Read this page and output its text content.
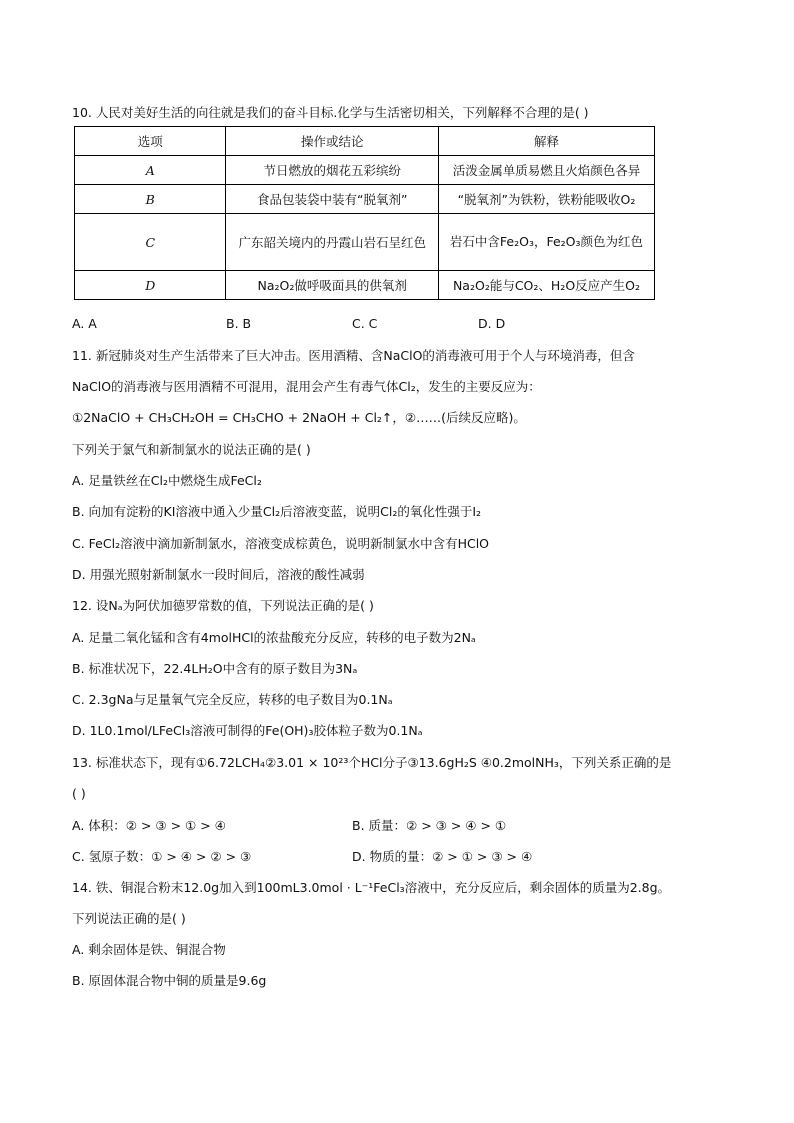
10. 人民对美好生活的向往就是我们的奋斗目标.化学与生活密切相关，下列解释不合理的是( )
选项	操作或结论	解释
A	节日燃放的烟花五彩缤纷	活泼金属单质易燃且火焰颜色各异
B	食品包装袋中装有“脱氧剂”	“脱氧剂”为铁粉，铁粉能吸收O₂
C	广东韶关境内的丹霞山岩石呈红色	岩石中含Fe₂O₃，Fe₂O₃颜色为红色
D	Na₂O₂做呼吸面具的供氧剂	Na₂O₂能与CO₂、H₂O反应产生O₂
A. A	B. B	C. C	D. D
11. 新冠肺炎对生产生活带来了巨大冲击。医用酒精、含NaClO的消毒液可用于个人与环境消毒，但含
NaClO的消毒液与医用酒精不可混用，混用会产生有毒气体Cl₂，发生的主要反应为：
①2NaClO + CH₃CH₂OH = CH₃CHO + 2NaOH + Cl₂↑，②……(后续反应略)。
下列关于氯气和新制氯水的说法正确的是( )
A. 足量铁丝在Cl₂中燃烧生成FeCl₂
B. 向加有淀粉的KI溶液中通入少量Cl₂后溶液变蓝，说明Cl₂的氧化性强于I₂
C. FeCl₂溶液中滴加新制氯水，溶液变成棕黄色，说明新制氯水中含有HClO
D. 用强光照射新制氯水一段时间后，溶液的酸性减弱
12. 设Nₐ为阿伏加德罗常数的值，下列说法正确的是( )
A. 足量二氧化锰和含有4molHCl的浓盐酸充分反应，转移的电子数为2Nₐ
B. 标准状况下，22.4LH₂O中含有的原子数目为3Nₐ
C. 2.3gNa与足量氧气完全反应，转移的电子数目为0.1Nₐ
D. 1L0.1mol/LFeCl₃溶液可制得的Fe(OH)₃胶体粒子数为0.1Nₐ
13. 标准状态下，现有①6.72LCH₄②3.01 × 10²³个HCl分子③13.6gH₂S ④0.2molNH₃，下列关系正确的是
( )
A. 体积：② > ③ > ① > ④	B. 质量：② > ③ > ④ > ①
C. 氢原子数：① > ④ > ② > ③	D. 物质的量：② > ① > ③ > ④
14. 铁、铜混合粉末12.0g加入到100mL3.0mol · L⁻¹FeCl₃溶液中，充分反应后，剩余固体的质量为2.8g。
下列说法正确的是( )
A. 剩余固体是铁、铜混合物
B. 原固体混合物中铜的质量是9.6g
